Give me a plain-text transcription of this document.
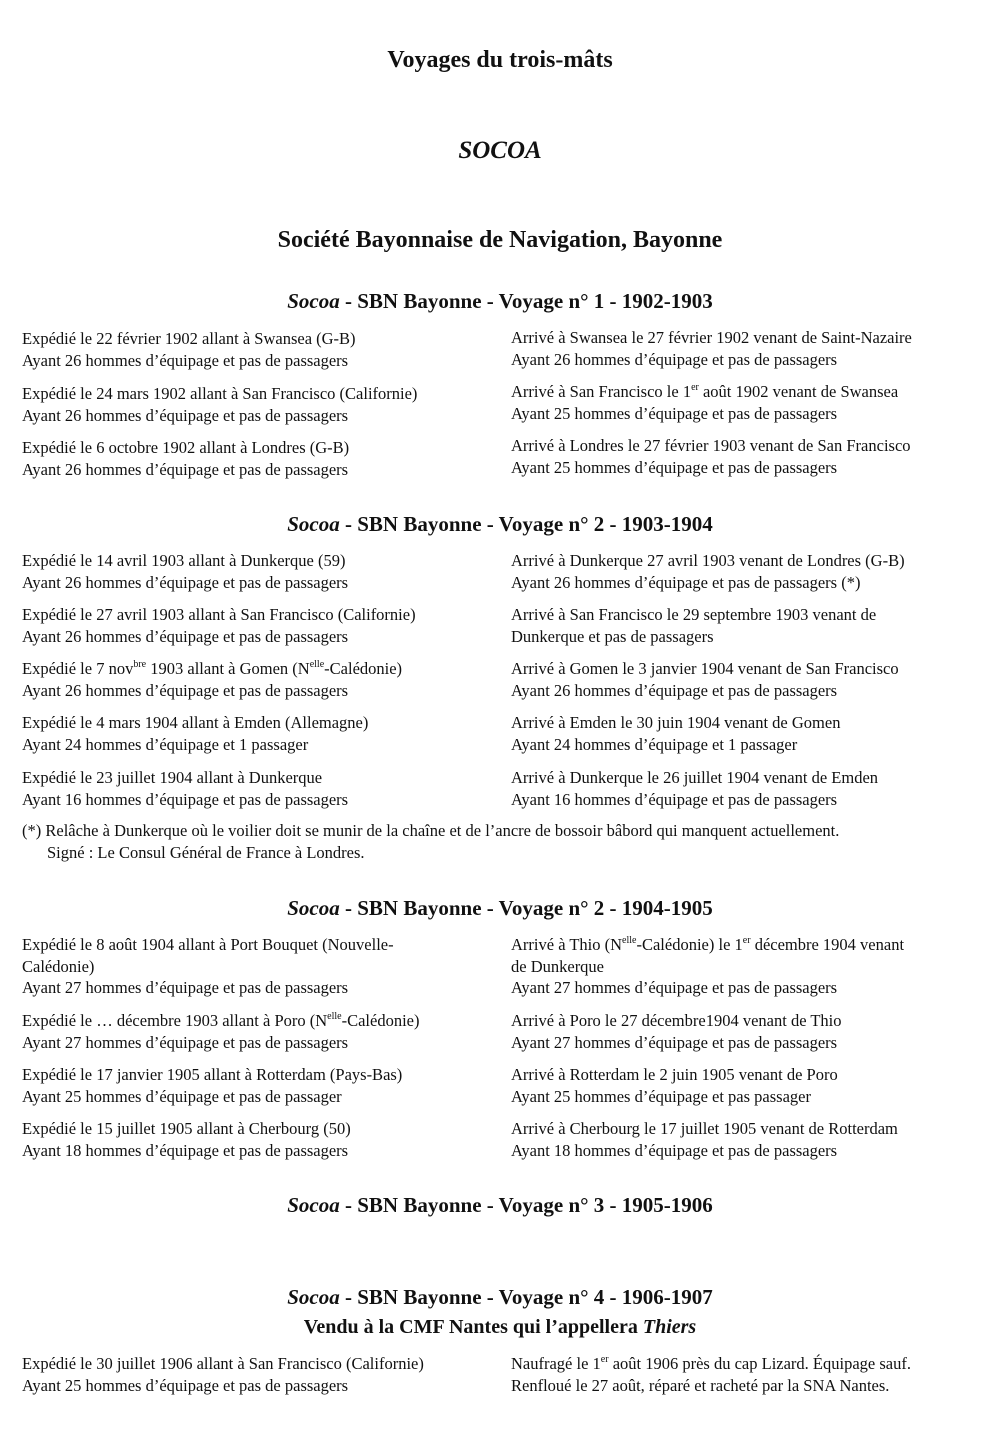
Voyages du trois-mâts
SOCOA
Société Bayonnaise de Navigation, Bayonne
Socoa - SBN Bayonne - Voyage n° 1 - 1902-1903
Expédié le 22 février 1902 allant à Swansea (G-B)
Ayant 26 hommes d’équipage et pas de passagers
Arrivé à Swansea le 27 février 1902 venant de Saint-Nazaire
Ayant 26 hommes d’équipage et pas de passagers
Expédié le 24 mars 1902 allant à San Francisco (Californie)
Ayant 26 hommes d’équipage et pas de passagers
Arrivé à San Francisco le 1er août 1902 venant de Swansea
Ayant 25 hommes d’équipage et pas de passagers
Expédié le 6 octobre 1902 allant à Londres (G-B)
Ayant 26 hommes d’équipage et pas de passagers
Arrivé à Londres le 27 février 1903 venant de San Francisco
Ayant 25 hommes d’équipage et pas de passagers
Socoa - SBN Bayonne - Voyage n° 2 - 1903-1904
Expédié le 14 avril 1903 allant à Dunkerque (59)
Ayant 26 hommes d’équipage et pas de passagers
Arrivé à Dunkerque 27 avril 1903 venant de Londres (G-B)
Ayant 26 hommes d’équipage et pas de passagers (*)
Expédié le 27 avril 1903 allant à San Francisco (Californie)
Ayant 26 hommes d’équipage et pas de passagers
Arrivé à San Francisco le 29 septembre 1903 venant de
Dunkerque et pas de passagers
Expédié le 7 nov$^{bre}$ 1903 allant à Gomen $(N^{elle}-Calédonie)$
Ayant 26 hommes d’équipage et pas de passagers
Arrivé à Gomen le 3 janvier 1904 venant de San Francisco
Ayant 26 hommes d’équipage et pas de passagers
Expédié le 4 mars 1904 allant à Emden (Allemagne)
Ayant 24 hommes d’équipage et 1 passager
Arrivé à Emden le 30 juin 1904 venant de Gomen
Ayant 24 hommes d’équipage et 1 passager
Expédié le 23 juillet 1904 allant à Dunkerque
Ayant 16 hommes d’équipage et pas de passagers
Arrivé à Dunkerque le 26 juillet 1904 venant de Emden
Ayant 16 hommes d’équipage et pas de passagers
(*) Relâche à Dunkerque où le voilier doit se munir de la chaîne et de l’ancre de bossoir bâbord qui manquent actuellement.
Signé : Le Consul Général de France à Londres.
Socoa - SBN Bayonne - Voyage n° 2 - 1904-1905
Expédié le 8 août 1904 allant à Port Bouquet (Nouvelle-
Calédonie)
Ayant 27 hommes d’équipage et pas de passagers
Arrivé à Thio $(N^{elle}-Calédonie)$ le 1er décembre 1904 venant
de Dunkerque
Ayant 27 hommes d’équipage et pas de passagers
Expédié le … décembre 1903 allant à Poro $(N^{elle}-Calédonie)$
Ayant 27 hommes d’équipage et pas de passagers
Arrivé à Poro le 27 décembre1904 venant de Thio
Ayant 27 hommes d’équipage et pas de passagers
Expédié le 17 janvier 1905 allant à Rotterdam (Pays-Bas)
Ayant 25 hommes d’équipage et pas de passager
Arrivé à Rotterdam le 2 juin 1905 venant de Poro
Ayant 25 hommes d’équipage et pas passager
Expédié le 15 juillet 1905 allant à Cherbourg (50)
Ayant 18 hommes d’équipage et pas de passagers
Arrivé à Cherbourg le 17 juillet 1905 venant de Rotterdam
Ayant 18 hommes d’équipage et pas de passagers
Socoa - SBN Bayonne - Voyage n° 3 - 1905-1906
Socoa - SBN Bayonne - Voyage n° 4 - 1906-1907
Vendu à la CMF Nantes qui l’appellera Thiers
Expédié le 30 juillet 1906 allant à San Francisco (Californie)
Ayant 25 hommes d’équipage et pas de passagers
Naufragé le 1er août 1906 près du cap Lizard. Équipage sauf.
Renfloué le 27 août, réparé et racheté par la SNA Nantes.
